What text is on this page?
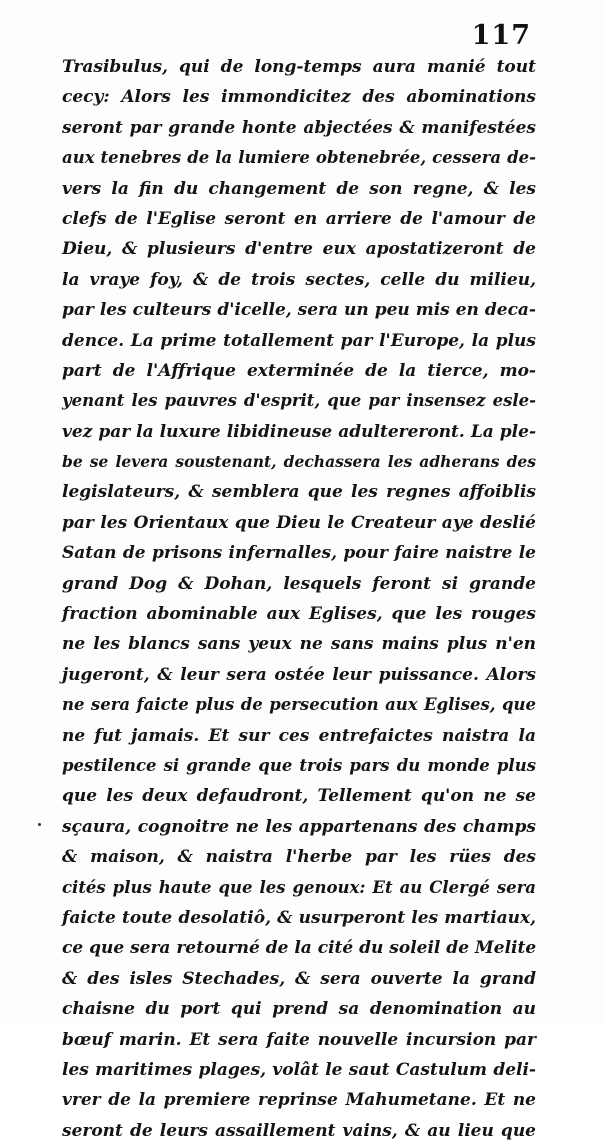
117
Trasibulus, qui de long-temps aura manié tout
cecy: Alors les immondicitez des abominations
seront par grande honte abjectées & manifestées
aux tenebres de la lumiere obtenebrée, cessera de-
vers la fin du changement de son regne, & les
clefs de l'Eglise seront en arriere de l'amour de
Dieu, & plusieurs d'entre eux apostatizeront de
la vraye foy, & de trois sectes, celle du milieu,
par les culteurs d'icelle, sera un peu mis en deca-
dence. La prime totallement par l'Europe, la plus
part de l'Affrique exterminée de la tierce, mo-
yenant les pauvres d'esprit, que par insensez esle-
vez par la luxure libidineuse adultereront. La ple-
be se levera soustenant, dechassera les adherans des
legislateurs, & semblera que les regnes affoiblis
par les Orientaux que Dieu le Createur aye deslié
Satan de prisons infernalles, pour faire naistre le
grand Dog & Dohan, lesquels feront si grande
fraction abominable aux Eglises, que les rouges
ne les blancs sans yeux ne sans mains plus n'en
jugeront, & leur sera ostée leur puissance. Alors
ne sera faicte plus de persecution aux Eglises, que
ne fut jamais. Et sur ces entrefaictes naistra la
pestilence si grande que trois pars du monde plus
que les deux defaudront, Tellement qu'on ne se
sçaura, cognoitre ne les appartenans des champs
& maison, & naistra l'herbe par les rües des
cités plus haute que les genoux: Et au Clergé sera
faicte toute desolatiô, & usurperont les martiaux,
ce que sera retourné de la cité du soleil de Melite
& des isles Stechades, & sera ouverte la grand
chaisne du port qui prend sa denomination au
bœuf marin. Et sera faite nouvelle incursion par
les maritimes plages, volât le saut Castulum deli-
vrer de la premiere reprinse Mahumetane. Et ne
seront de leurs assaillement vains, & au lieu que
